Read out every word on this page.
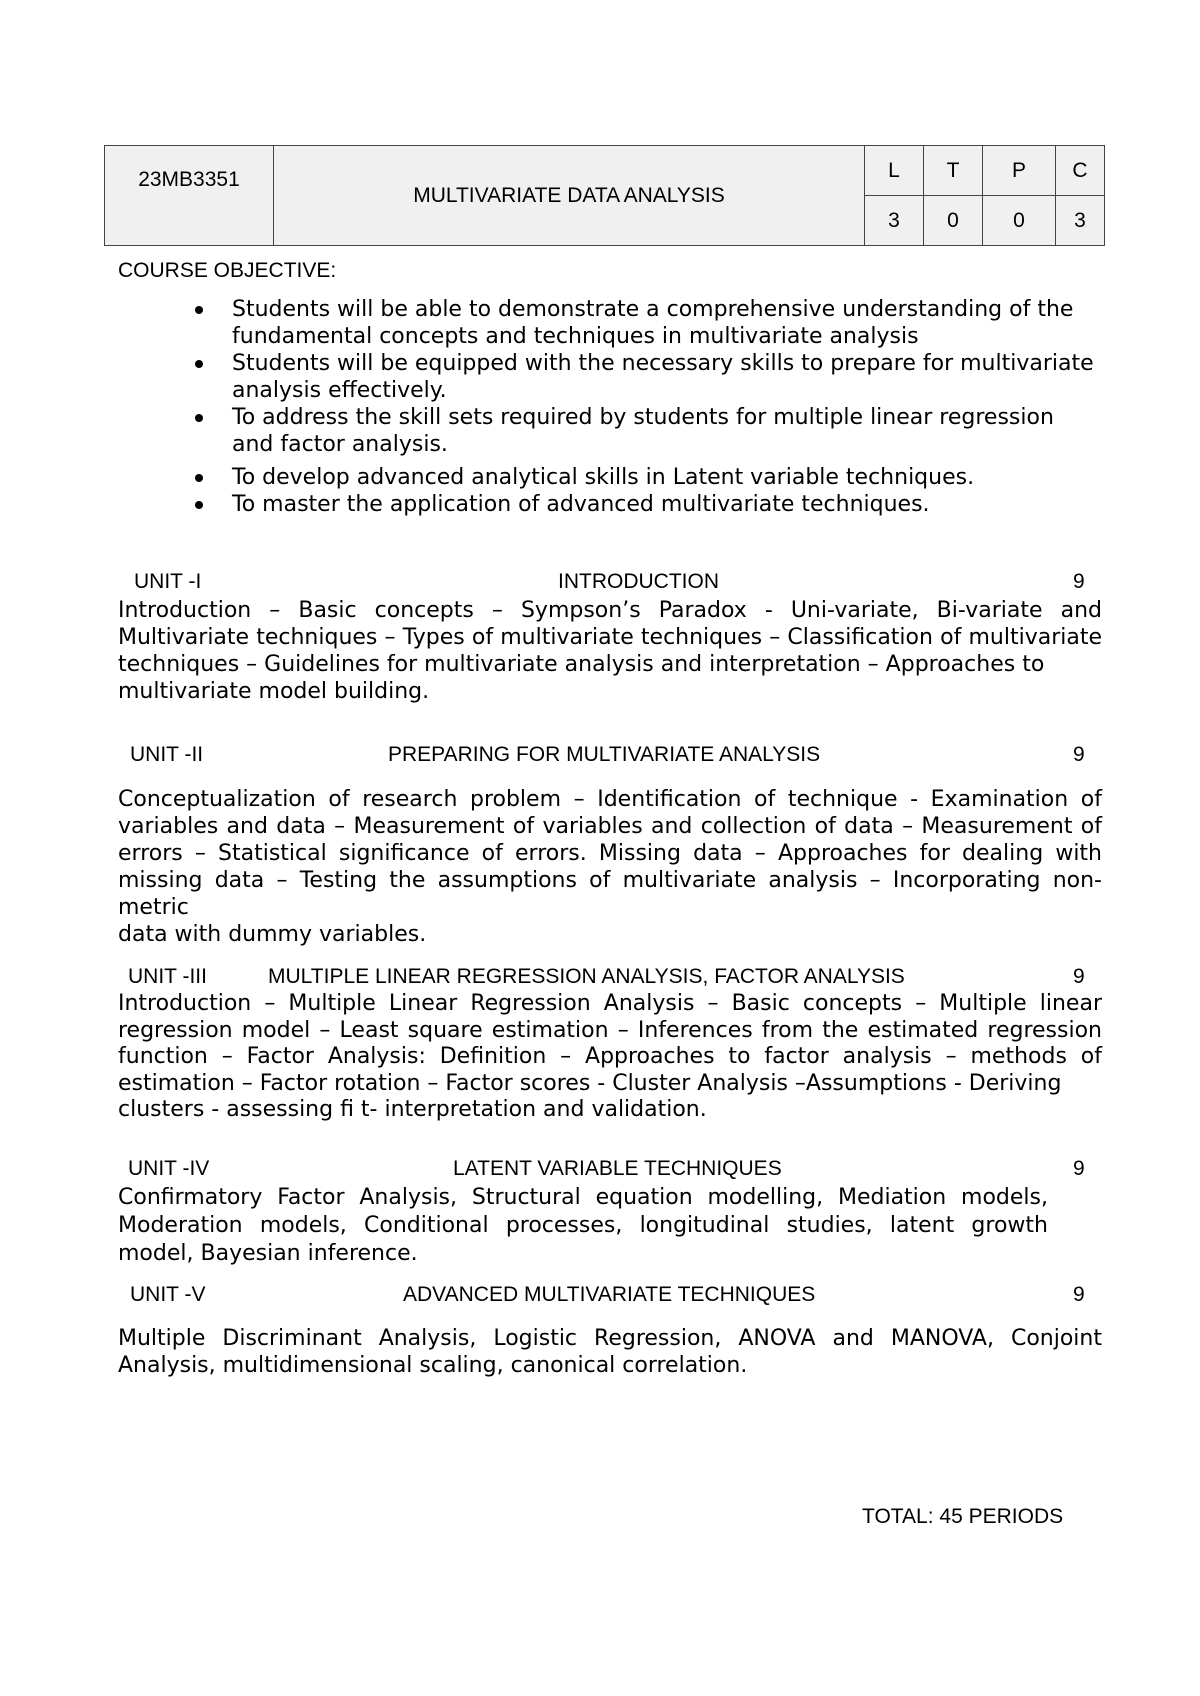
23MB3351	MULTIVARIATE DATA ANALYSIS	L	T	P	C
		3	0	0	3
COURSE OBJECTIVE:
Students will be able to demonstrate a comprehensive understanding of the fundamental concepts and techniques in multivariate analysis
Students will be equipped with the necessary skills to prepare for multivariate analysis effectively.
To address the skill sets required by students for multiple linear regression and factor analysis.
To develop advanced analytical skills in Latent variable techniques.
To master the application of advanced multivariate techniques.
UNIT -I	INTRODUCTION	9

Introduction – Basic concepts – Sympson’s Paradox - Uni-variate, Bi-variate and Multivariate techniques – Types of multivariate techniques – Classification of multivariate techniques – Guidelines for multivariate analysis and interpretation – Approaches to

multivariate model building.

UNIT -II	PREPARING FOR MULTIVARIATE ANALYSIS	9

Conceptualization of research problem – Identification of technique - Examination of variables and data – Measurement of variables and collection of data – Measurement of errors – Statistical significance of errors. Missing data – Approaches for dealing with missing data – Testing the assumptions of multivariate analysis – Incorporating non-metric

data with dummy variables.

UNIT -III	MULTIPLE LINEAR REGRESSION ANALYSIS, FACTOR ANALYSIS	9

Introduction – Multiple Linear Regression Analysis – Basic concepts – Multiple linear regression model – Least square estimation – Inferences from the estimated regression function – Factor Analysis: Definition – Approaches to factor analysis – methods of estimation – Factor rotation – Factor scores - Cluster Analysis –Assumptions - Deriving

clusters - assessing fi t- interpretation and validation.

UNIT -IV	LATENT VARIABLE TECHNIQUES	9

Confirmatory Factor Analysis, Structural equation modelling, Mediation models, Moderation models, Conditional processes, longitudinal studies, latent growth model, Bayesian inference.

UNIT -V	ADVANCED MULTIVARIATE TECHNIQUES	9

Multiple Discriminant Analysis, Logistic Regression, ANOVA and MANOVA, Conjoint Analysis, multidimensional scaling, canonical correlation.

TOTAL: 45 PERIODS
